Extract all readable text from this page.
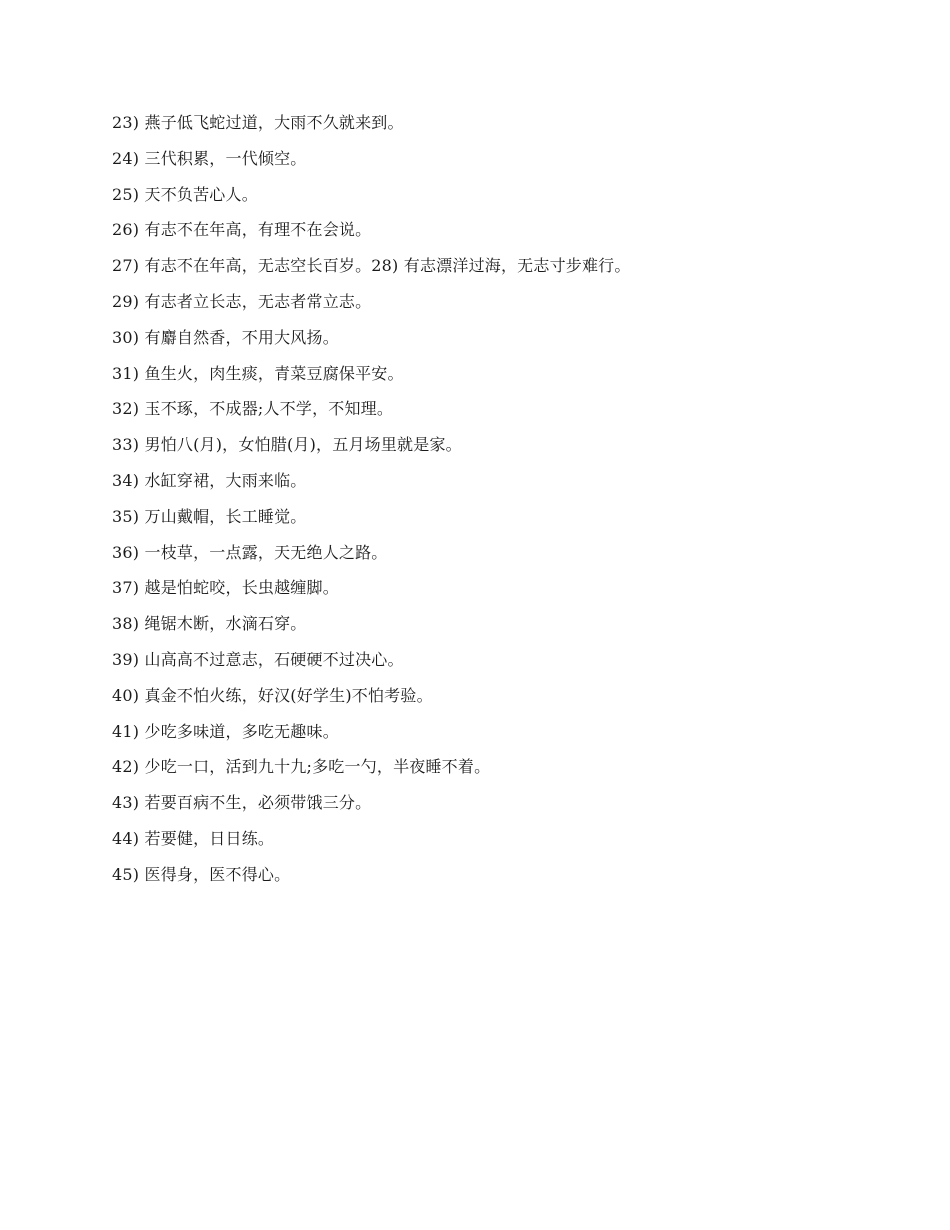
23) 燕子低飞蛇过道，大雨不久就来到。
24) 三代积累，一代倾空。
25) 天不负苦心人。
26) 有志不在年高，有理不在会说。
27) 有志不在年高，无志空长百岁。28) 有志漂洋过海，无志寸步难行。
29) 有志者立长志，无志者常立志。
30) 有麝自然香，不用大风扬。
31) 鱼生火，肉生痰，青菜豆腐保平安。
32) 玉不琢，不成器;人不学，不知理。
33) 男怕八(月)，女怕腊(月)，五月场里就是家。
34) 水缸穿裙，大雨来临。
35) 万山戴帽，长工睡觉。
36) 一枝草，一点露，天无绝人之路。
37) 越是怕蛇咬，长虫越缠脚。
38) 绳锯木断，水滴石穿。
39) 山高高不过意志，石硬硬不过决心。
40) 真金不怕火练，好汉(好学生)不怕考验。
41) 少吃多味道，多吃无趣味。
42) 少吃一口，活到九十九;多吃一勺，半夜睡不着。
43) 若要百病不生，必须带饿三分。
44) 若要健，日日练。
45) 医得身，医不得心。
